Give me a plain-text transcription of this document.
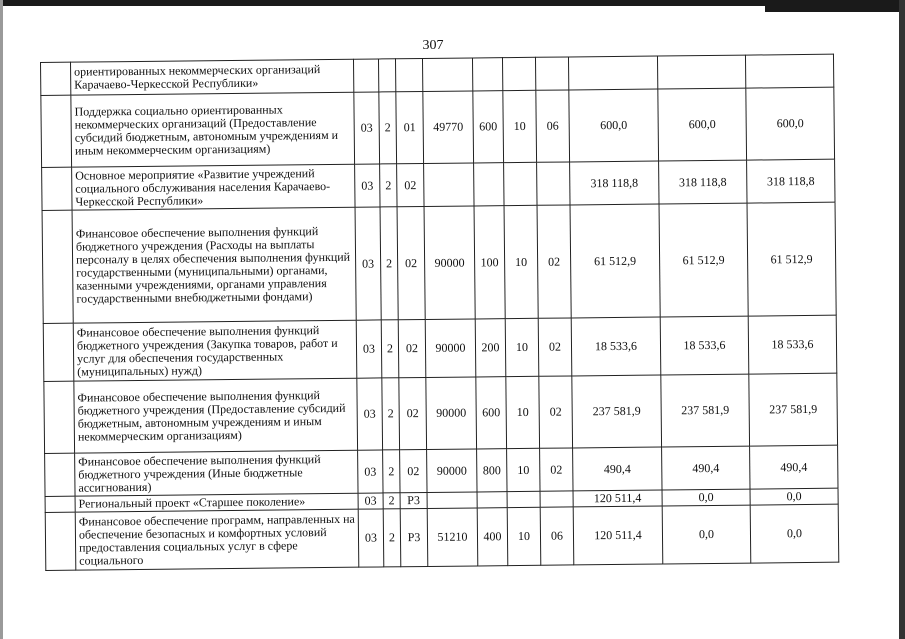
307
	ориентированных некоммерческих организаций Карачаево-Черкесской Республики»										
	Поддержка социально ориентированных некоммерческих организаций (Предоставление субсидий бюджетным, автономным учреждениям и иным некоммерческим организациям)	03	2	01	49770	600	10	06	600,0	600,0	600,0
	Основное мероприятие «Развитие учреждений социального обслуживания населения Карачаево-Черкесской Республики»	03	2	02					318 118,8	318 118,8	318 118,8
	Финансовое обеспечение выполнения функций бюджетного учреждения (Расходы на выплаты персоналу в целях обеспечения выполнения функций государственными (муниципальными) органами, казенными учреждениями, органами управления государственными внебюджетными фондами)	03	2	02	90000	100	10	02	61 512,9	61 512,9	61 512,9
	Финансовое обеспечение выполнения функций бюджетного учреждения (Закупка товаров, работ и услуг для обеспечения государственных (муниципальных) нужд)	03	2	02	90000	200	10	02	18 533,6	18 533,6	18 533,6
	Финансовое обеспечение выполнения функций бюджетного учреждения (Предоставление субсидий бюджетным, автономным учреждениям и иным некоммерческим организациям)	03	2	02	90000	600	10	02	237 581,9	237 581,9	237 581,9
	Финансовое обеспечение выполнения функций бюджетного учреждения (Иные бюджетные ассигнования)	03	2	02	90000	800	10	02	490,4	490,4	490,4
	Региональный проект «Старшее поколение»	03	2	Р3					120 511,4	0,0	0,0
	Финансовое обеспечение программ, направленных на обеспечение безопасных и комфортных условий предоставления социальных услуг в сфере социального	03	2	Р3	51210	400	10	06	120 511,4	0,0	0,0
